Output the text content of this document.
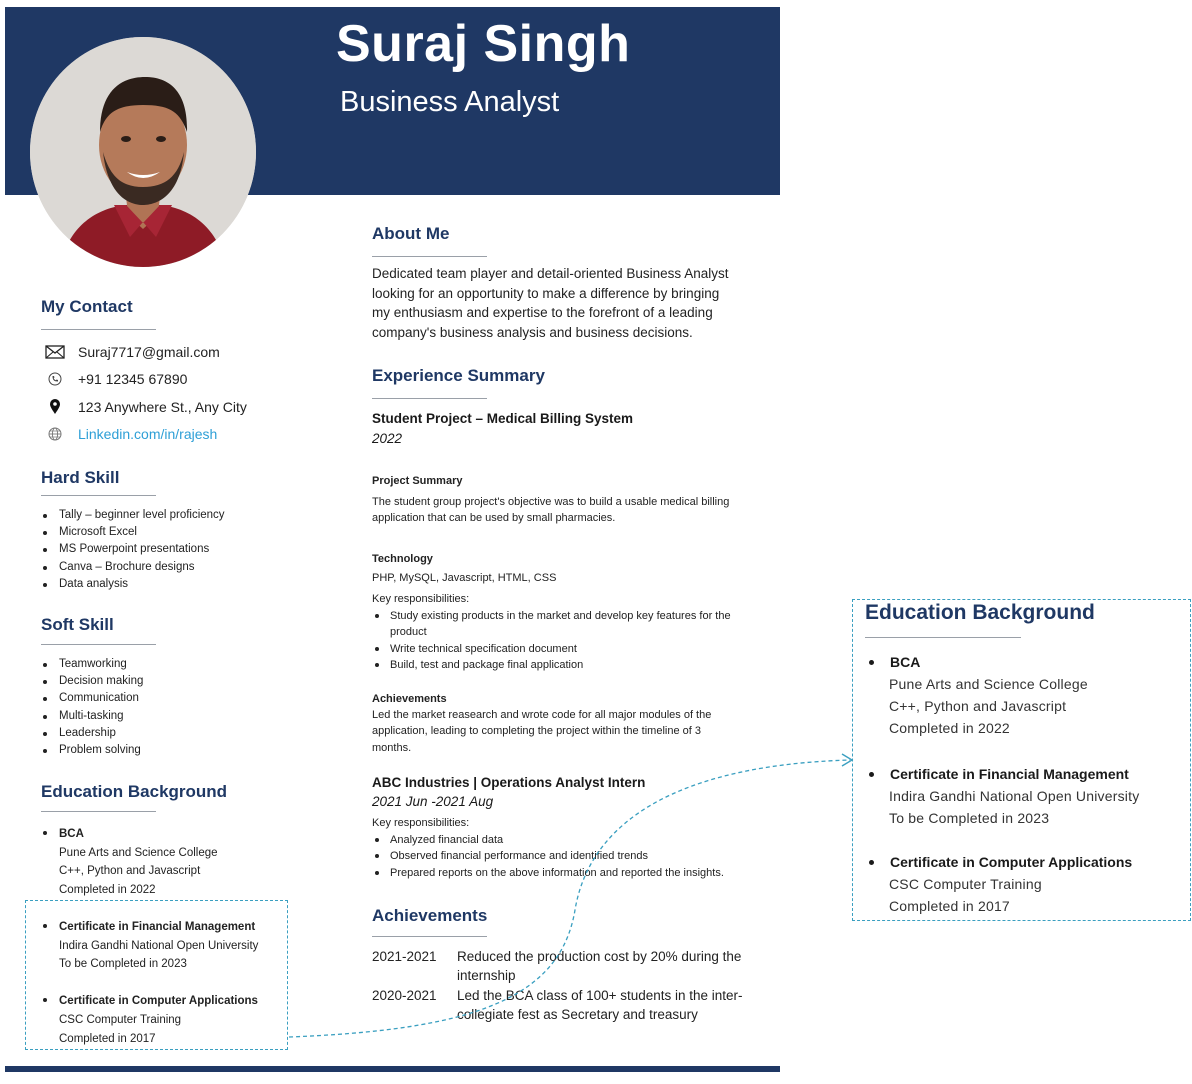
Suraj Singh
Business Analyst
My Contact
Suraj7717@gmail.com
+91 12345 67890
123 Anywhere St., Any City
Linkedin.com/in/rajesh
Hard Skill
Tally – beginner level proficiency
Microsoft Excel
MS Powerpoint presentations
Canva – Brochure designs
Data analysis
Soft Skill
Teamworking
Decision making
Communication
Multi-tasking
Leadership
Problem solving
Education Background
BCA
Pune Arts and Science College
C++, Python and Javascript
Completed in 2022
Certificate in Financial Management
Indira Gandhi National Open University
To be Completed in 2023
Certificate in Computer Applications
CSC Computer Training
Completed in 2017
About Me
Dedicated team player and detail-oriented Business Analyst
looking for an opportunity to make a difference by bringing
my enthusiasm and expertise to the forefront of a leading
company's business analysis and business decisions.
Experience Summary
Student Project – Medical Billing System
2022
Project Summary
The student group project's objective was to build a usable medical billing
application that can be used by small pharmacies.
Technology
PHP, MySQL, Javascript, HTML, CSS
Key responsibilities:
Study existing products in the market and develop key features for the
product
Write technical specification document
Build, test and package final application
Achievements
Led the market reasearch and wrote code for all major modules of the
application, leading to completing the project within the timeline of 3
months.
ABC Industries | Operations Analyst Intern
2021 Jun -2021 Aug
Key responsibilities:
Analyzed financial data
Observed financial performance and identified trends
Prepared reports on the above information and reported the insights.
Achievements
2021-2021	Reduced the production cost by 20% during the
internship
2020-2021	Led the BCA class of 100+ students in the inter-
collegiate fest as Secretary and treasury
Education Background
BCA
Pune Arts and Science College
C++, Python and Javascript
Completed in 2022
Certificate in Financial Management
Indira Gandhi National Open University
To be Completed in 2023
Certificate in Computer Applications
CSC Computer Training
Completed in 2017
